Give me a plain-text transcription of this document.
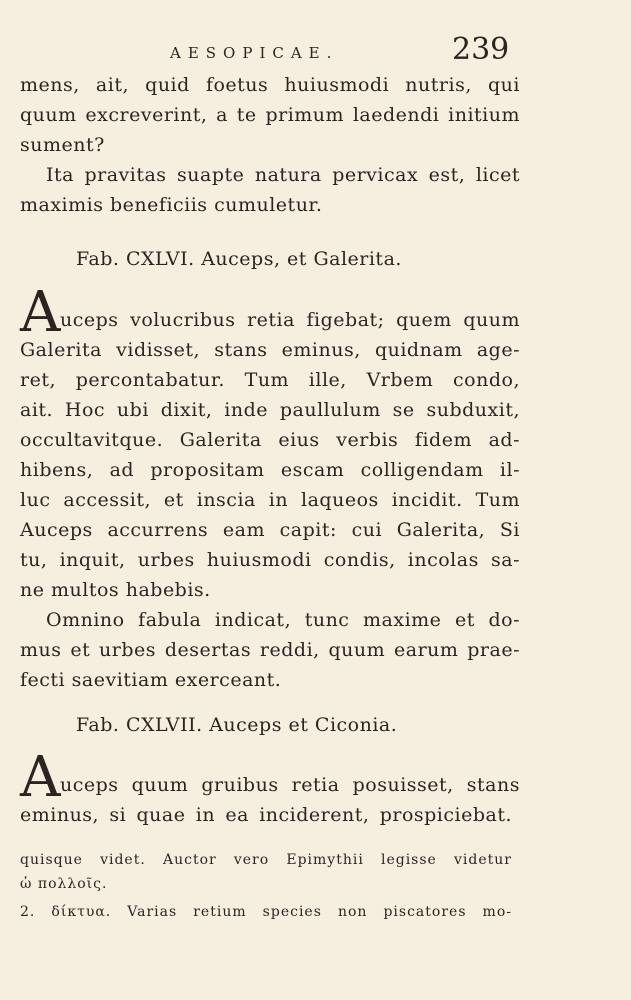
AESOPICAE.	239
mens, ait, quid foetus huiusmodi nutris, qui
quum excreverint, a te primum laedendi initium
sument?
Ita pravitas suapte natura pervicax est, licet
maximis beneficiis cumuletur.
Fab. CXLVI. Auceps, et Galerita.
A uceps volucribus retia figebat; quem quum
Galerita vidisset, stans eminus, quidnam age-
ret, percontabatur. Tum ille, Vrbem condo,
ait. Hoc ubi dixit, inde paullulum se subduxit,
occultavitque. Galerita eius verbis fidem ad-
hibens, ad propositam escam colligendam il-
luc accessit, et inscia in laqueos incidit. Tum
Auceps accurrens eam capit: cui Galerita, Si
tu, inquit, urbes huiusmodi condis, incolas sa-
ne multos habebis.
Omnino fabula indicat, tunc maxime et do-
mus et urbes desertas reddi, quum earum prae-
fecti saevitiam exerceant.
Fab. CXLVII. Auceps et Ciconia.
A uceps quum gruibus retia posuisset, stans
eminus, si quae in ea inciderent, prospiciebat.
quisque videt. Auctor vero Epimythii legisse videtur
ὡ πολλοῖς.
2. δίκτυα. Varias retium species non piscatores mo-
